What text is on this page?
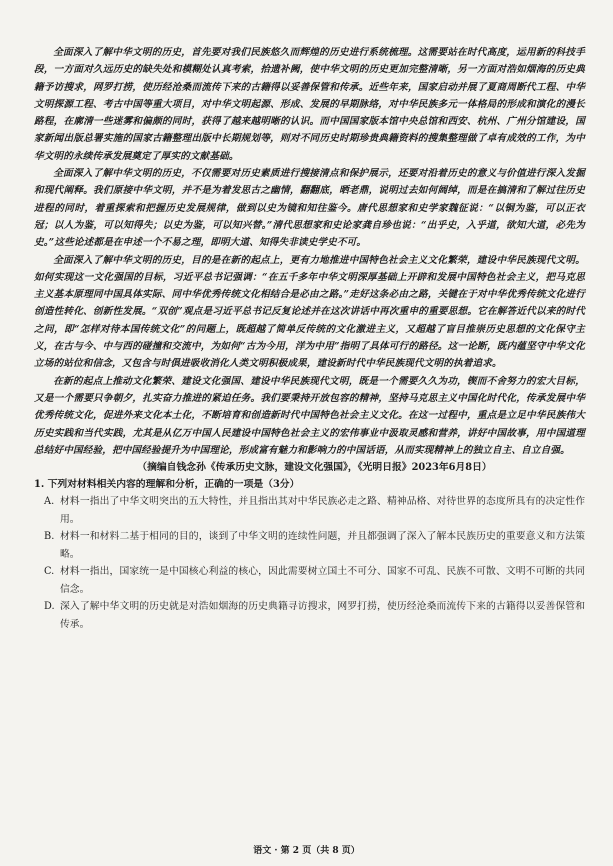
全面深入了解中华文明的历史，首先要对我们民族悠久而辉煌的历史进行系统梳理。这需要站在时代高度，运用新的科技手段，一方面对久远历史的缺失处和模糊处认真考索，拾遗补阙，使中华文明的历史更加完整清晰，另一方面对浩如烟海的历史典籍予访搜求，网罗打捞，使历经沧桑而流传下来的古籍得以妥善保管和传承。近些年来，国家启动并展了夏商周断代工程、中华文明探源工程、考古中国等重大项目，对中华文明起源、形成、发展的早期脉络，对中华民族多元一体格局的形成和演化的漫长路程，在廓清一些迷雾和偏颇的同时，获得了越来越明晰的认识。而中国国家版本馆中央总馆和西安、杭州、广州分馆建设，国家新闻出版总署实施的国家古籍整理出版中长期规划等，则对不同历史时期珍贵典籍资料的搜集整理做了卓有成效的工作，为中华文明的永续传承发展奠定了厚实的文献基础。

全面深入了解中华文明的历史，不仅需要对历史素质进行搜接清点和保护展示，还要对沿着历史的意义与价值进行深入发掘和现代阐释。我们原接中华文明，并不是为着发思古之幽情，翻翻底，晒老鼎，说明过去如何阔绰，而是在搞清和了解过往历史进程的同时，着重探索和把握历史发展规律，做到以史为镜和知往鉴今。唐代思想家和史学家魏征说：“以铜为鉴，可以正衣冠；以人为鉴，可以知得失；以史为鉴，可以知兴替。”清代思想家和史论家龚自珍也说：“出乎史，入乎道，欲知大道，必先为史。”这些论述都是在申述一个不易之理，即明大道、知得失非读史学史不可。

全面深入了解中华文明的历史，目的是在新的起点上，更有力地推进中国特色社会主义文化繁荣，建设中华民族现代文明。如何实现这一文化强国的目标，习近平总书记强调：“在五千多年中华文明深厚基础上开辟和发展中国特色社会主义，把马克思主义基本原理同中国具体实际、同中华优秀传统文化相结合是必由之路。”走好这条必由之路，关键在于对中华优秀传统文化进行创造性转化、创新性发展。“双创”观点是习近平总书记反复论述并在这次讲话中再次重申的重要思想。它在解答近代以来的时代之问，即“怎样对待本国传统文化”的问题上，既超越了简单反传统的文化激进主义，又超越了盲目推崇历史思想的文化保守主义，在古与今、中与西的碰撞和交流中，为如何“古为今用，洋为中用”指明了具体可行的路径。这一论断，既内蕴坚守中华文化立场的站位和信念，又包含与时俱进吸收消化人类文明积极成果，建设新时代中华民族现代文明的执着追求。

在新的起点上推动文化繁荣、建设文化强国、建设中华民族现代文明，既是一个需要久久为功，锲而不舍努力的宏大目标，又是一个需要只争朝夕，扎实奋力推进的紧迫任务。我们要秉持开放包容的精神，坚持马克思主义中国化时代化，传承发展中华优秀传统文化，促进外来文化本土化，不断培育和创造新时代中国特色社会主义文化。在这一过程中，重点是立足中华民族伟大历史实践和当代实践，尤其是从亿万中国人民建设中国特色社会主义的宏伟事业中汲取灵感和营养，讲好中国故事，用中国道理总结好中国经验，把中国经验提升为中国理论，形成富有魅力和影响力的中国话语，从而实现精神上的独立自主、自立自强。

（摘编自钱念孙《传承历史文脉，建设文化强国》，《光明日报》2023年6月8日）

1. 下列对材料相关内容的理解和分析，正确的一项是（3分）

A. 材料一指出了中华文明突出的五大特性，并且指出其对中华民族必走之路、精神品格、对待世界的态度所具有的决定性作用。
B. 材料一和材料二基于相同的目的，谈到了中华文明的连续性问题，并且都强调了深入了解本民族历史的重要意义和方法策略。
C. 材料一指出，国家统一是中国核心利益的核心，因此需要树立国土不可分、国家不可乱、民族不可散、文明不可断的共同信念。
D. 深入了解中华文明的历史就是对浩如烟海的历史典籍寻访搜求，网罗打捞，使历经沧桑而流传下来的古籍得以妥善保管和传承。
语文 · 第 2 页（共 8 页）
